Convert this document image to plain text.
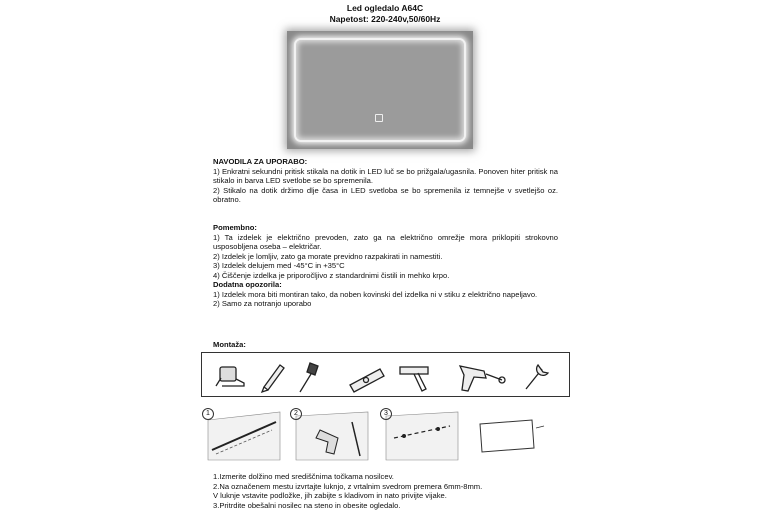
Led ogledalo A64C
Napetost: 220-240v,50/60Hz
NAVODILA ZA UPORABO:

1) Enkratni sekundni pritisk stikala na dotik in LED luč se bo prižgala/ugasnila. Ponoven hiter pritisk na stikalo in barva LED svetlobe se bo spremenila.

2) Stikalo na dotik držimo dlje časa in LED svetloba se bo spremenila iz temnejše v svetlejšo oz. obratno.

Pomembno:

1) Ta izdelek je električno prevoden, zato ga na električno omrežje mora priklopiti strokovno usposobljena oseba – električar.

2) Izdelek je lomljiv, zato ga morate previdno razpakirati in namestiti.

3) Izdelek delujem med -45°C in +35°C

4) Čiščenje izdelka je priporočljivo z standardnimi čistili in mehko krpo.

Dodatna opozorila:

1) Izdelek mora biti montiran tako, da noben kovinski del izdelka ni v stiku z električno napeljavo.

2) Samo za notranjo uporabo

Montaža:
1	2	3

1.Izmerite dolžino med središčnima točkama nosilcev.

2.Na označenem mestu izvrtajte luknjo, z vrtalnim svedrom premera 6mm-8mm.

V luknje vstavite podložke, jih zabijte s kladivom in nato privijte vijake.

3.Pritrdite obešalni nosilec na steno in obesite ogledalo.
